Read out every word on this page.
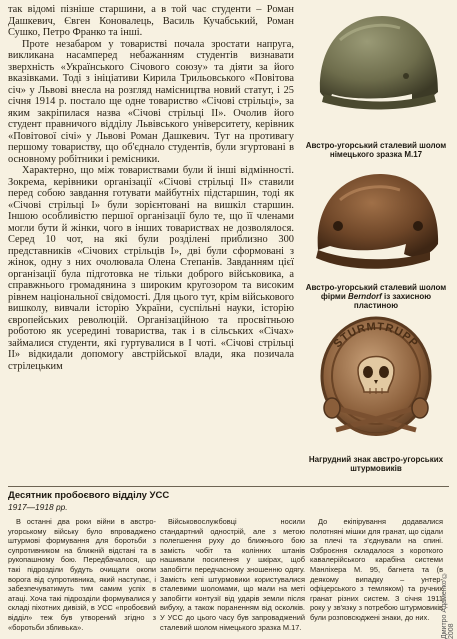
так відомі пізніше старшини, а в той час студенти – Роман Дашкевич, Євген Коновалець, Василь Кучабський, Роман Сушко, Петро Франко та інші.

Проте незабаром у товаристві почала зростати напруга, викликана насамперед небажанням студентів визнавати зверхність «Українського Січового союзу» та діяти за його вказівками. Тоді з ініціативи Кирила Трильовського «Повітова січ» у Львові внесла на розгляд намісництва новий статут, і 25 січня 1914 р. постало ще одне товариство «Січові стрільці», за яким закріпилася назва «Січові стрільці II». Очолив його студент правничого відділу Львівського університету, керівник «Повітової січі» у Львові Роман Дашкевич. Тут на противагу першому товариству, що об'єднало студентів, були згуртовані в основному робітники і ремісники.

Характерно, що між товариствами були й інші відмінності. Зокрема, керівники організації «Січові стрільці II» ставили перед собою завдання готувати майбутніх підстаршин, тоді як «Січові стрільці I» були зорієнтовані на вишкіл старшин. Іншою особливістю першої організації було те, що її членами могли бути й жінки, чого в інших товариствах не дозволялося. Серед 10 чот, на які були розділені приблизно 300 представників «Січових стрільців I», дві були сформовані з жінок, одну з них очолювала Олена Степанів. Завданням цієї організації була підготовка не тільки доброго військовика, а справжнього громадянина з широким кругозором та високим рівнем національної свідомості. Для цього тут, крім військового вишколу, вивчали історію України, суспільні науки, історію європейських революцій. Організаційною та просвітньою роботою як усередині товариства, так і в сільських «Січах» займалися студенти, які гуртувалися в І чоті. «Січові стрільці II» відкидали допомогу австрійської влади, яка позичала стрілецьким

Австро-угорський сталевий шолом німецького зразка М.17
Австро-угорський сталевий шолом фірми Berndorf із захисною пластиною
STURMTRUPP
Нагрудний знак австро-угорських штурмовиків
Десятник пробоєвого відділу УСС
1917—1918 рр.

В останні два роки війни в австро-угорському війську було впроваджено штурмові формування для боротьби з супротивником на ближній відстані та в рукопашному бою. Передбачалося, що такі підрозділи будуть очищати окопи ворога від супротивника, який наступає, і забезпечуватимуть тим самим успіх в атаці. Хоча такі підрозділи формувалися у складі піхотних дивізій, в УСС «пробоєвий відділ» теж був утворений згідно з «боротьби збливька».

Військовослужбовці носили стандартний однострій, але з метою полегшення руху до ближнього бою замість чобіт та колінних штанів нашивали посилення у шкірах, щоб запобігти передчасному зношенню одягу. Замість кепі штурмовики користувалися сталевими шоломами, що мали на меті запобігти контузії від ударів земли після вибуху, а також пораненням від осколків. У УСС до цього часу був запроваджений сталевий шолом німецького зразка М.17.

До екіпірування додавалися полотняні мішки для гранат, що сідали за плечі та з'єднували на спині. Озброєння складалося з короткого кавалерійського карабіна системи Манліхера М. 95, багнета та (в деякому випадку – унтер-офіцерського з темляком) та ручних гранат різних систем. З січня 1911 року у зв'язку з потребою штурмовиків були розповсюджені знаки, до них.	Дмитро Адаменко © 2008
